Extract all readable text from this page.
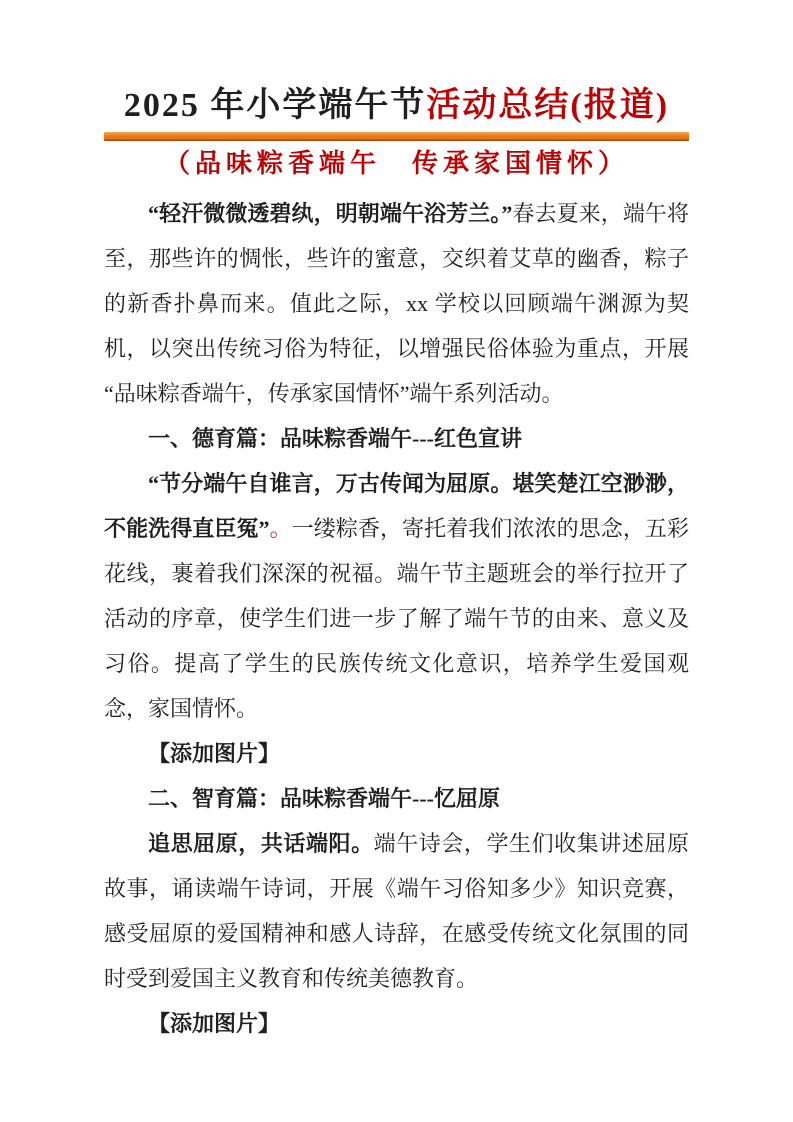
2025 年小学端午节活动总结(报道)
（品味粽香端午　传承家国情怀）

“轻汗微微透碧纨，明朝端午浴芳兰。”春去夏来，端午将至，那些许的惆怅，些许的蜜意，交织着艾草的幽香，粽子的新香扑鼻而来。值此之际，xx 学校以回顾端午渊源为契机，以突出传统习俗为特征，以增强民俗体验为重点，开展“品味粽香端午，传承家国情怀”端午系列活动。

一、德育篇：品味粽香端午---红色宣讲

“节分端午自谁言，万古传闻为屈原。堪笑楚江空渺渺，不能洗得直臣冤”。一缕粽香，寄托着我们浓浓的思念，五彩花线，裹着我们深深的祝福。端午节主题班会的举行拉开了活动的序章，使学生们进一步了解了端午节的由来、意义及习俗。提高了学生的民族传统文化意识，培养学生爱国观念，家国情怀。

【添加图片】

二、智育篇：品味粽香端午---忆屈原

追思屈原，共话端阳。端午诗会，学生们收集讲述屈原故事，诵读端午诗词，开展《端午习俗知多少》知识竞赛，感受屈原的爱国精神和感人诗辞，在感受传统文化氛围的同时受到爱国主义教育和传统美德教育。

【添加图片】
